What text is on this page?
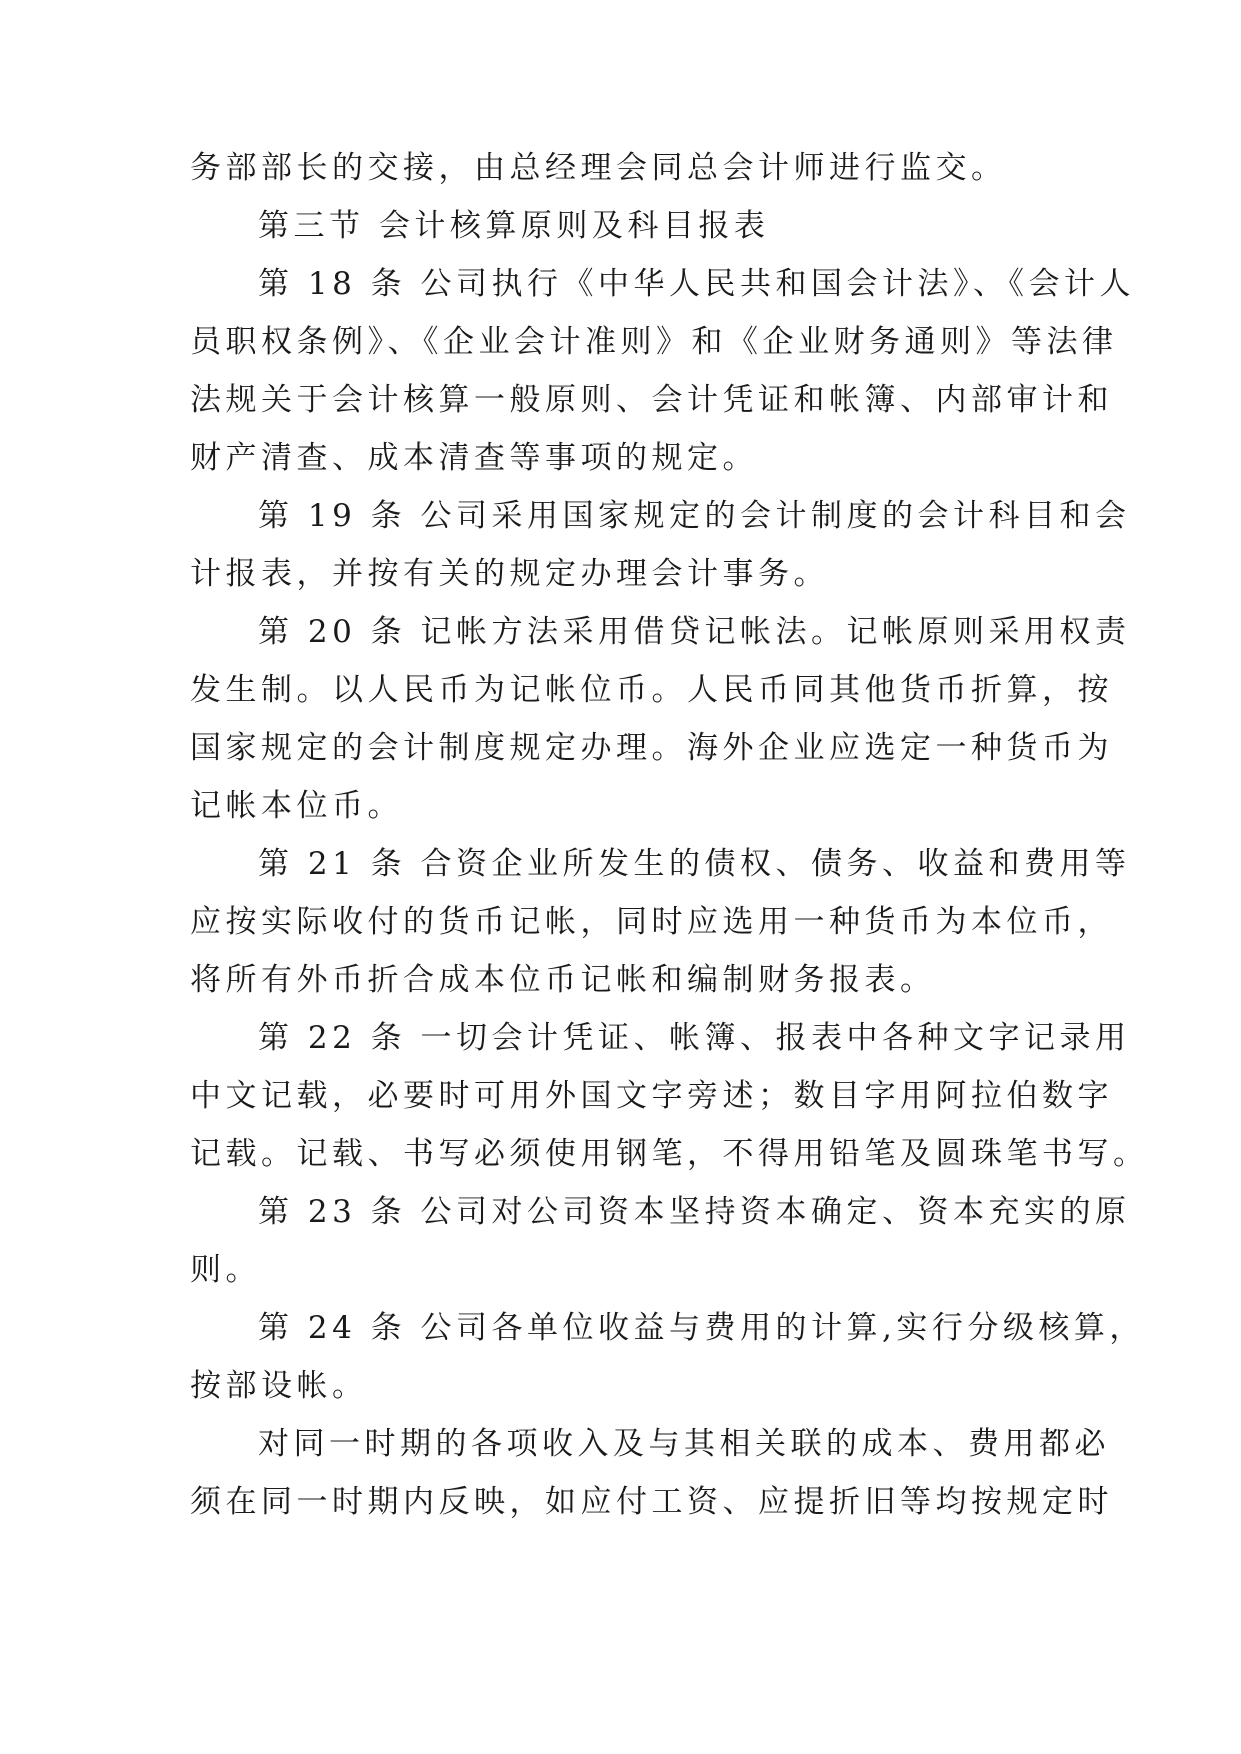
务部部长的交接，由总经理会同总会计师进行监交。
第三节 会计核算原则及科目报表
第 18 条 公司执行《中华人民共和国会计法》、《会计人
员职权条例》、《企业会计准则》和《企业财务通则》等法律
法规关于会计核算一般原则、会计凭证和帐簿、内部审计和
财产清查、成本清查等事项的规定。
第 19 条 公司采用国家规定的会计制度的会计科目和会
计报表，并按有关的规定办理会计事务。
第 20 条 记帐方法采用借贷记帐法。记帐原则采用权责
发生制。以人民币为记帐位币。人民币同其他货币折算，按
国家规定的会计制度规定办理。海外企业应选定一种货币为
记帐本位币。
第 21 条 合资企业所发生的债权、债务、收益和费用等
应按实际收付的货币记帐，同时应选用一种货币为本位币，
将所有外币折合成本位币记帐和编制财务报表。
第 22 条 一切会计凭证、帐簿、报表中各种文字记录用
中文记载，必要时可用外国文字旁述；数目字用阿拉伯数字
记载。记载、书写必须使用钢笔，不得用铅笔及圆珠笔书写。
第 23 条 公司对公司资本坚持资本确定、资本充实的原
则。
第 24 条 公司各单位收益与费用的计算,实行分级核算，
按部设帐。
对同一时期的各项收入及与其相关联的成本、费用都必
须在同一时期内反映，如应付工资、应提折旧等均按规定时
